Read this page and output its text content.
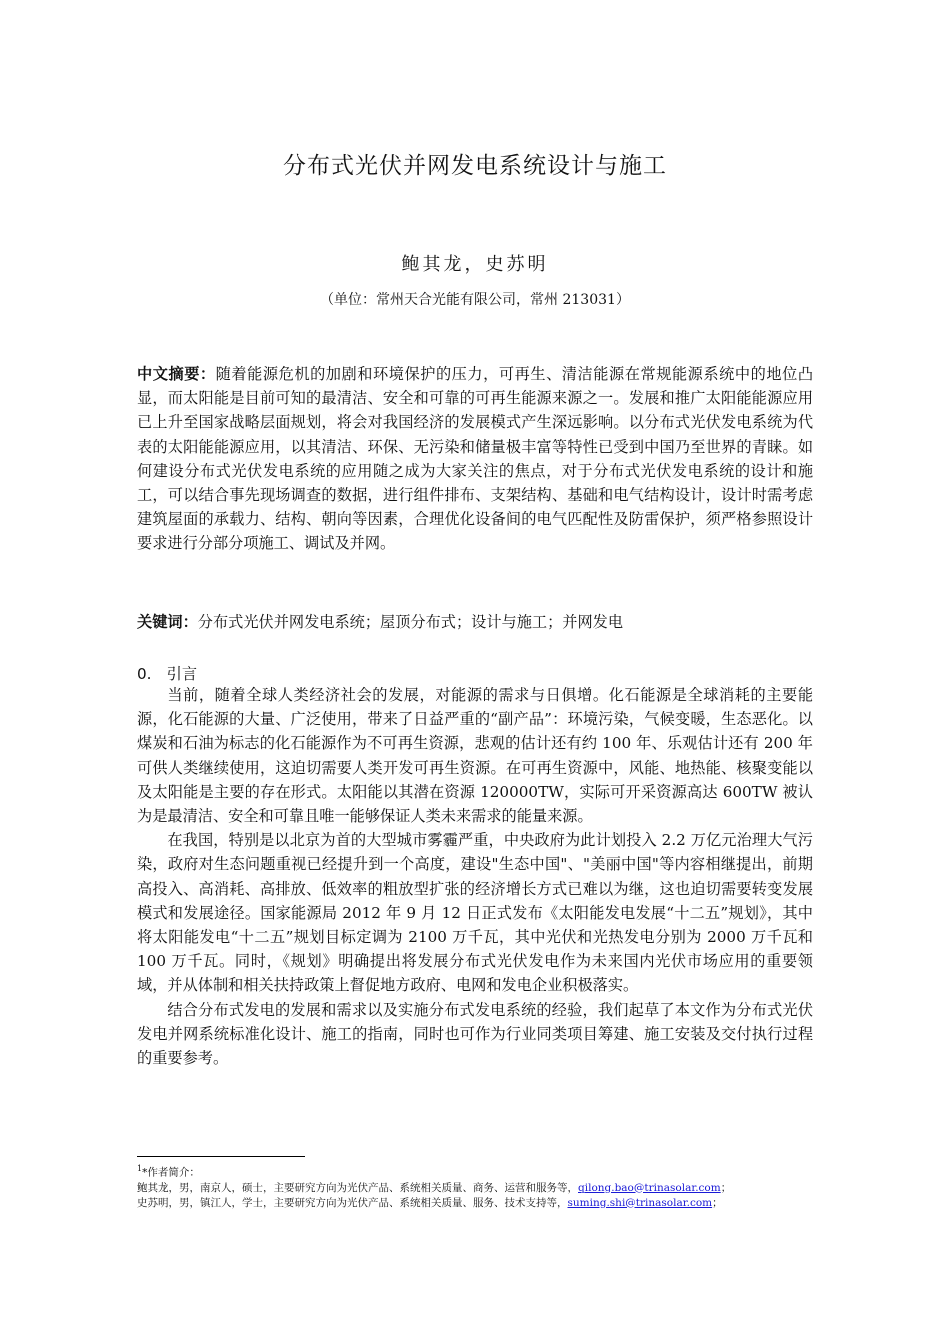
分布式光伏并网发电系统设计与施工
鲍其龙，史苏明
（单位：常州天合光能有限公司，常州 213031）
中文摘要：随着能源危机的加剧和环境保护的压力，可再生、清洁能源在常规能源系统中的地位凸显，而太阳能是目前可知的最清洁、安全和可靠的可再生能源来源之一。发展和推广太阳能能源应用已上升至国家战略层面规划，将会对我国经济的发展模式产生深远影响。以分布式光伏发电系统为代表的太阳能能源应用，以其清洁、环保、无污染和储量极丰富等特性已受到中国乃至世界的青睐。如何建设分布式光伏发电系统的应用随之成为大家关注的焦点，对于分布式光伏发电系统的设计和施工，可以结合事先现场调查的数据，进行组件排布、支架结构、基础和电气结构设计，设计时需考虑建筑屋面的承载力、结构、朝向等因素，合理优化设备间的电气匹配性及防雷保护，须严格参照设计要求进行分部分项施工、调试及并网。
关键词：分布式光伏并网发电系统；屋顶分布式；设计与施工；并网发电
0.　引言

当前，随着全球人类经济社会的发展，对能源的需求与日俱增。化石能源是全球消耗的主要能源，化石能源的大量、广泛使用，带来了日益严重的“副产品”：环境污染，气候变暖，生态恶化。以煤炭和石油为标志的化石能源作为不可再生资源，悲观的估计还有约 100 年、乐观估计还有 200 年可供人类继续使用，这迫切需要人类开发可再生资源。在可再生资源中，风能、地热能、核聚变能以及太阳能是主要的存在形式。太阳能以其潜在资源 120000TW，实际可开采资源高达 600TW 被认为是最清洁、安全和可靠且唯一能够保证人类未来需求的能量来源。

在我国，特别是以北京为首的大型城市雾霾严重，中央政府为此计划投入 2.2 万亿元治理大气污染，政府对生态问题重视已经提升到一个高度，建设"生态中国"、"美丽中国"等内容相继提出，前期高投入、高消耗、高排放、低效率的粗放型扩张的经济增长方式已难以为继，这也迫切需要转变发展模式和发展途径。国家能源局 2012 年 9 月 12 日正式发布《太阳能发电发展“十二五”规划》，其中将太阳能发电“十二五”规划目标定调为 2100 万千瓦，其中光伏和光热发电分别为 2000 万千瓦和 100 万千瓦。同时，《规划》明确提出将发展分布式光伏发电作为未来国内光伏市场应用的重要领域，并从体制和相关扶持政策上督促地方政府、电网和发电企业积极落实。

结合分布式发电的发展和需求以及实施分布式发电系统的经验，我们起草了本文作为分布式光伏发电并网系统标准化设计、施工的指南，同时也可作为行业同类项目筹建、施工安装及交付执行过程的重要参考。

$^1$*作者简介：
鲍其龙，男，南京人，硕士，主要研究方向为光伏产品、系统相关质量、商务、运营和服务等，qilong.bao@trinasolar.com；
史苏明，男，镇江人，学士，主要研究方向为光伏产品、系统相关质量、服务、技术支持等，suming.shi@trinasolar.com；
